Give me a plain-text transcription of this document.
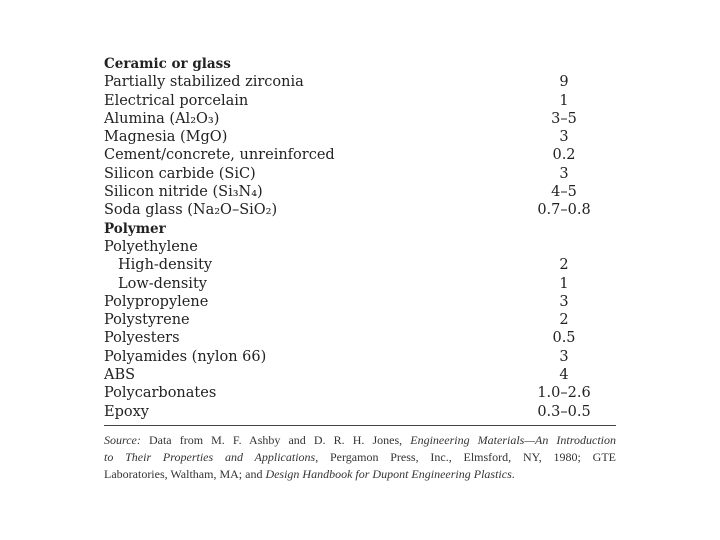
Ceramic or glass
Partially stabilized zirconia	9
Electrical porcelain	1
Alumina (Al₂O₃)	3–5
Magnesia (MgO)	3
Cement/concrete, unreinforced	0.2
Silicon carbide (SiC)	3
Silicon nitride (Si₃N₄)	4–5
Soda glass (Na₂O–SiO₂)	0.7–0.8
Polymer
Polyethylene
High-density	2
Low-density	1
Polypropylene	3
Polystyrene	2
Polyesters	0.5
Polyamides (nylon 66)	3
ABS	4
Polycarbonates	1.0–2.6
Epoxy	0.3–0.5
Source: Data from M. F. Ashby and D. R. H. Jones, Engineering Materials—An Introduction
to Their Properties and Applications, Pergamon Press, Inc., Elmsford, NY, 1980; GTE
Laboratories, Waltham, MA; and Design Handbook for Dupont Engineering Plastics.
